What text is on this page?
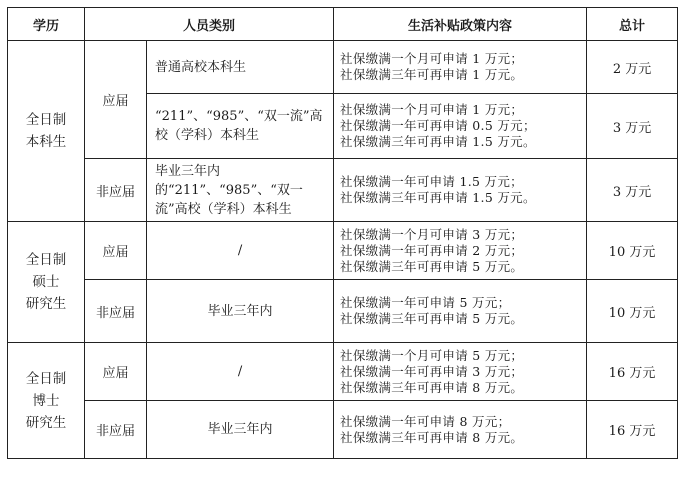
学历	人员类别		生活补贴政策内容	总计

全日制
本科生	应届	普通高校本科生	社保缴满一个月可申请 1 万元；
社保缴满三年可再申请 1 万元。	2 万元
		“211”、“985”、“双一流”高校（学科）本科生	社保缴满一个月可申请 1 万元；
社保缴满一年可再申请 0.5 万元；
社保缴满三年可再申请 1.5 万元。	3 万元
	非应届	毕业三年内的“211”、“985”、“双一流”高校（学科）本科生	社保缴满一年可申请 1.5 万元；
社保缴满三年可再申请 1.5 万元。	3 万元

全日制
硕士
研究生	应届	/	社保缴满一个月可申请 3 万元；
社保缴满一年可再申请 2 万元；
社保缴满三年可再申请 5 万元。	10 万元
	非应届	毕业三年内	社保缴满一年可申请 5 万元；
社保缴满三年可再申请 5 万元。	10 万元

全日制
博士
研究生	应届	/	社保缴满一个月可申请 5 万元；
社保缴满一年可再申请 3 万元；
社保缴满三年可再申请 8 万元。	16 万元
	非应届	毕业三年内	社保缴满一年可申请 8 万元；
社保缴满三年可再申请 8 万元。	16 万元
